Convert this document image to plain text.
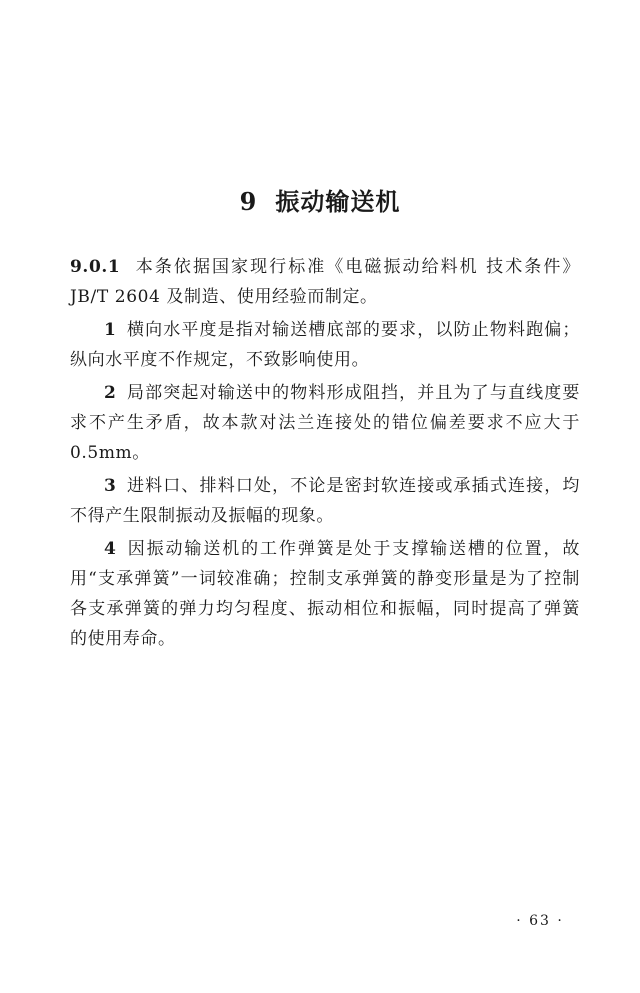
9 振动输送机

9.0.1 本条依据国家现行标准《电磁振动给料机 技术条件》JB/T 2604 及制造、使用经验而制定。

1 横向水平度是指对输送槽底部的要求，以防止物料跑偏；纵向水平度不作规定，不致影响使用。

2 局部突起对输送中的物料形成阻挡，并且为了与直线度要求不产生矛盾，故本款对法兰连接处的错位偏差要求不应大于0.5mm。

3 进料口、排料口处，不论是密封软连接或承插式连接，均不得产生限制振动及振幅的现象。

4 因振动输送机的工作弹簧是处于支撑输送槽的位置，故用“支承弹簧”一词较准确；控制支承弹簧的静变形量是为了控制各支承弹簧的弹力均匀程度、振动相位和振幅，同时提高了弹簧的使用寿命。

· 63 ·
